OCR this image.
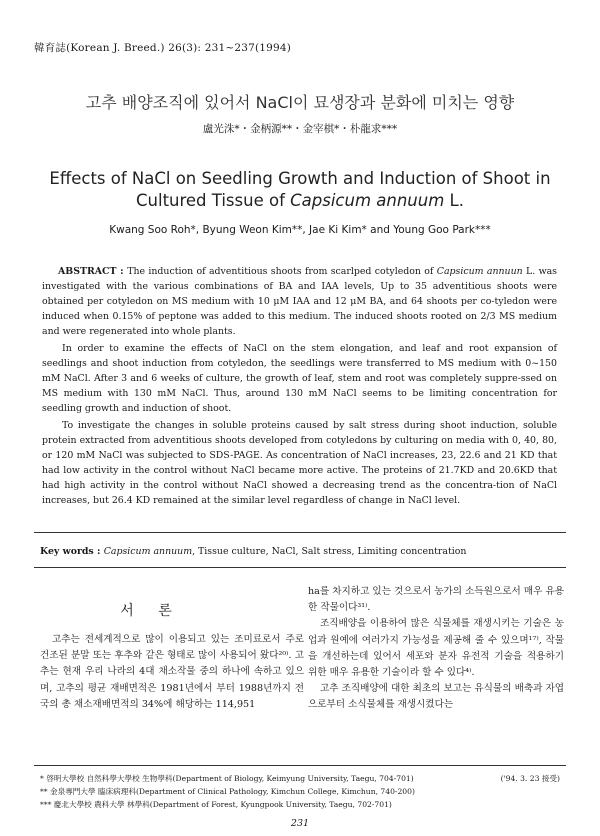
韓育誌(Korean J. Breed.) 26(3): 231~237(1994)
고추 배양조직에 있어서 NaCl이 묘생장과 분화에 미치는 영향
盧光洙*・金柄源**・金宰棋*・朴龍求***
Effects of NaCl on Seedling Growth and Induction of Shoot in Cultured Tissue of Capsicum annuum L.
Kwang Soo Roh*, Byung Weon Kim**, Jae Ki Kim* and Young Goo Park***

ABSTRACT : The induction of adventitious shoots from scarlped cotyledon of Capsicum annuun L. was investigated with the various combinations of BA and IAA levels, Up to 35 adventitious shoots were obtained per cotyledon on MS medium with 10 μM IAA and 12 μM BA, and 64 shoots per co-tyledon were induced when 0.15% of peptone was added to this medium. The induced shoots rooted on 2/3 MS medium and were regenerated into whole plants.

In order to examine the effects of NaCl on the stem elongation, and leaf and root expansion of seedlings and shoot induction from cotyledon, the seedlings were transferred to MS medium with 0~150 mM NaCl. After 3 and 6 weeks of culture, the growth of leaf, stem and root was completely suppre-ssed on MS medium with 130 mM NaCl. Thus, around 130 mM NaCl seems to be limiting concentration for seedling growth and induction of shoot.

To investigate the changes in soluble proteins caused by salt stress during shoot induction, soluble protein extracted from adventitious shoots developed from cotyledons by culturing on media with 0, 40, 80, or 120 mM NaCl was subjected to SDS-PAGE. As concentration of NaCl increases, 23, 22.6 and 21 KD that had low activity in the control without NaCl became more active. The proteins of 21.7KD and 20.6KD that had high activity in the control without NaCl showed a decreasing trend as the concentra-tion of NaCl increases, but 26.4 KD remained at the similar level regardless of change in NaCl level.

Key words : Capsicum annuum, Tissue culture, NaCl, Salt stress, Limiting concentration
서 론

고추는 전세계적으로 많이 이용되고 있는 조미료로서 주로 건조된 분말 또는 후추와 같은 형태로 많이 사용되어 왔다²⁰⁾. 고추는 현재 우리 나라의 4대 채소작물 중의 하나에 속하고 있으며, 고추의 평균 재배면적은 1981년에서 부터 1988년까지 전국의 총 채소재배면적의 34%에 해당하는 114,951

ha를 차지하고 있는 것으로서 농가의 소득원으로서 매우 유용한 작물이다³¹⁾.

조직배양을 이용하여 많은 식물체를 재생시키는 기술은 농업과 원예에 여러가지 가능성을 제공해 줄 수 있으며¹⁷⁾, 작물을 개선하는데 있어서 세포와 분자 유전적 기술을 적용하기 위한 매우 유용한 기술이라 할 수 있다⁴⁾.

고추 조직배양에 대한 최초의 보고는 유식물의 배축과 자엽으로부터 소식물체를 재생시켰다는

* 啓明大學校 自然科學大學校 生物學科(Department of Biology, Keimyung University, Taegu, 704-701)	('94. 3. 23 接受)
** 金泉專門大學 臨床病理科(Department of Clinical Pathology, Kimchun College, Kimchun, 740-200)
*** 慶北大學校 農科大學 林學科(Department of Forest, Kyungpook University, Taegu, 702-701)
231
